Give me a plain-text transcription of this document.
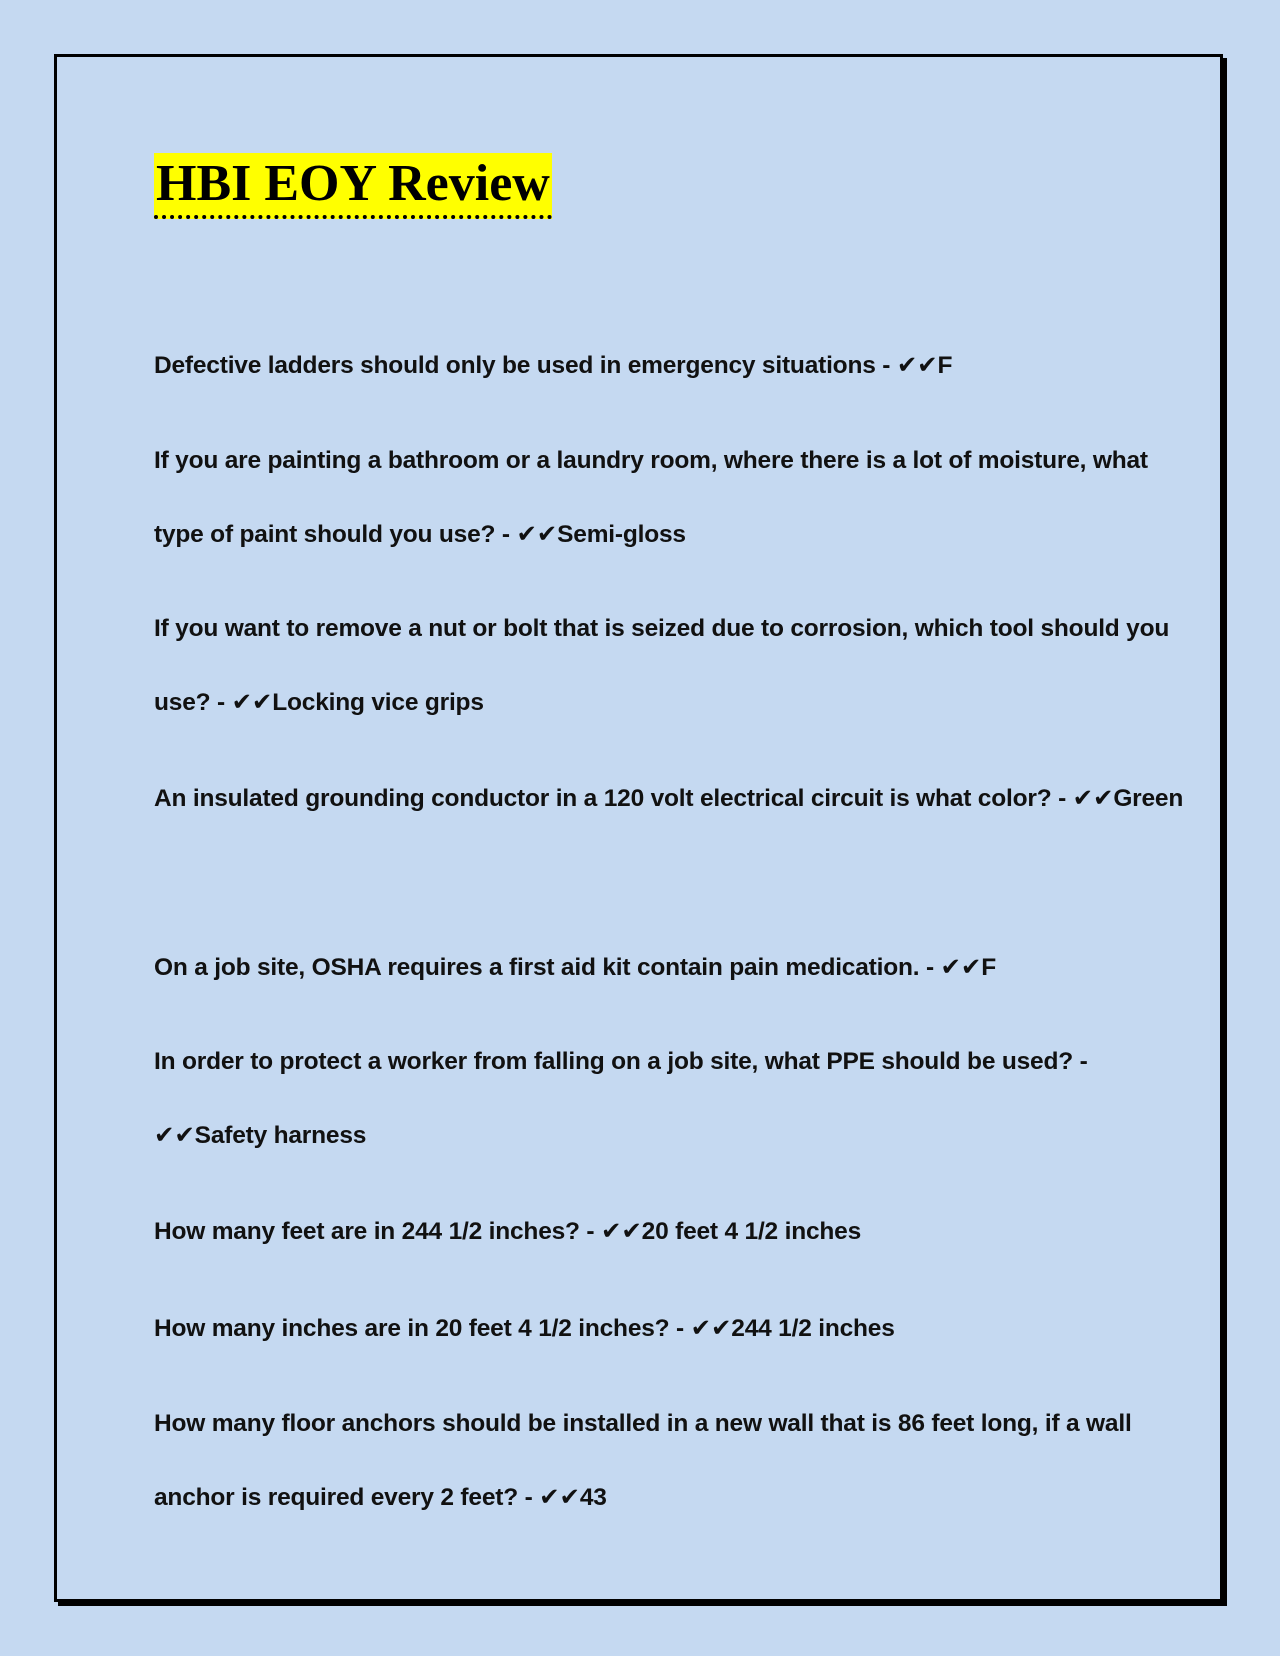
HBI EOY Review

Defective ladders should only be used in emergency situations - ✔✔F

If you are painting a bathroom or a laundry room, where there is a lot of moisture, what type of paint should you use? - ✔✔Semi-gloss

If you want to remove a nut or bolt that is seized due to corrosion, which tool should you use? - ✔✔Locking vice grips

An insulated grounding conductor in a 120 volt electrical circuit is what color? - ✔✔Green

On a job site, OSHA requires a first aid kit contain pain medication. - ✔✔F

In order to protect a worker from falling on a job site, what PPE should be used? - ✔✔Safety harness

How many feet are in 244 1/2 inches? - ✔✔20 feet 4 1/2 inches

How many inches are in 20 feet 4 1/2 inches? - ✔✔244 1/2 inches

How many floor anchors should be installed in a new wall that is 86 feet long, if a wall anchor is required every 2 feet? - ✔✔43
